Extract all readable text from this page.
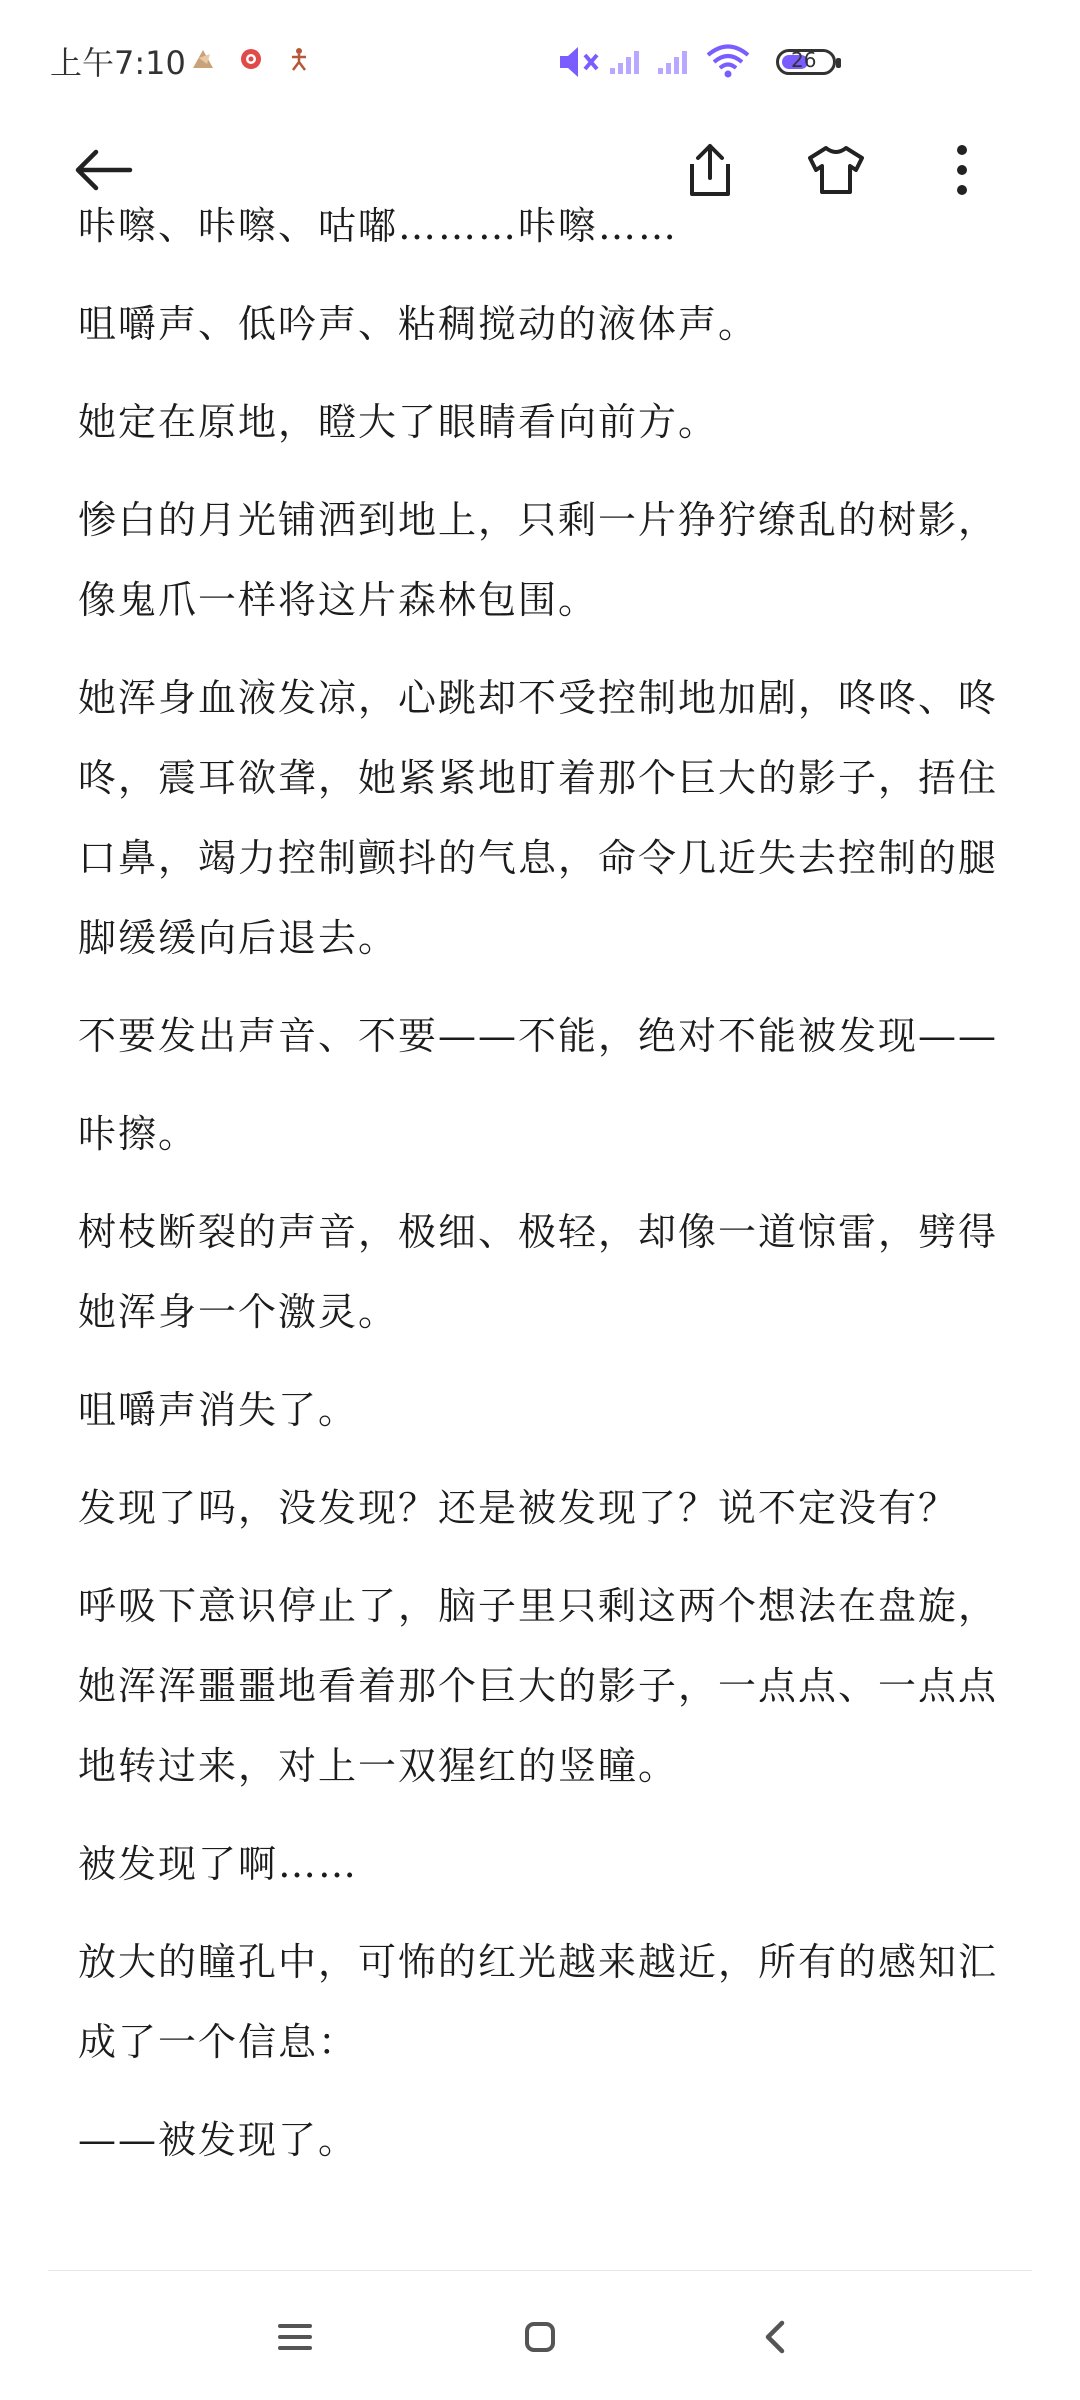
上午7:10	26

咔嚓、咔嚓、咕嘟………咔嚓……

咀嚼声、低吟声、粘稠搅动的液体声。

她定在原地，瞪大了眼睛看向前方。

惨白的月光铺洒到地上，只剩一片狰狞缭乱的树影，像鬼爪一样将这片森林包围。

她浑身血液发凉，心跳却不受控制地加剧，咚咚、咚咚，震耳欲聋，她紧紧地盯着那个巨大的影子，捂住口鼻，竭力控制颤抖的气息，命令几近失去控制的腿脚缓缓向后退去。

不要发出声音、不要——不能，绝对不能被发现——

咔擦。

树枝断裂的声音，极细、极轻，却像一道惊雷，劈得她浑身一个激灵。

咀嚼声消失了。

发现了吗，没发现？还是被发现了？说不定没有？

呼吸下意识停止了，脑子里只剩这两个想法在盘旋，她浑浑噩噩地看着那个巨大的影子，一点点、一点点地转过来，对上一双猩红的竖瞳。

被发现了啊……

放大的瞳孔中，可怖的红光越来越近，所有的感知汇成了一个信息：

——被发现了。
